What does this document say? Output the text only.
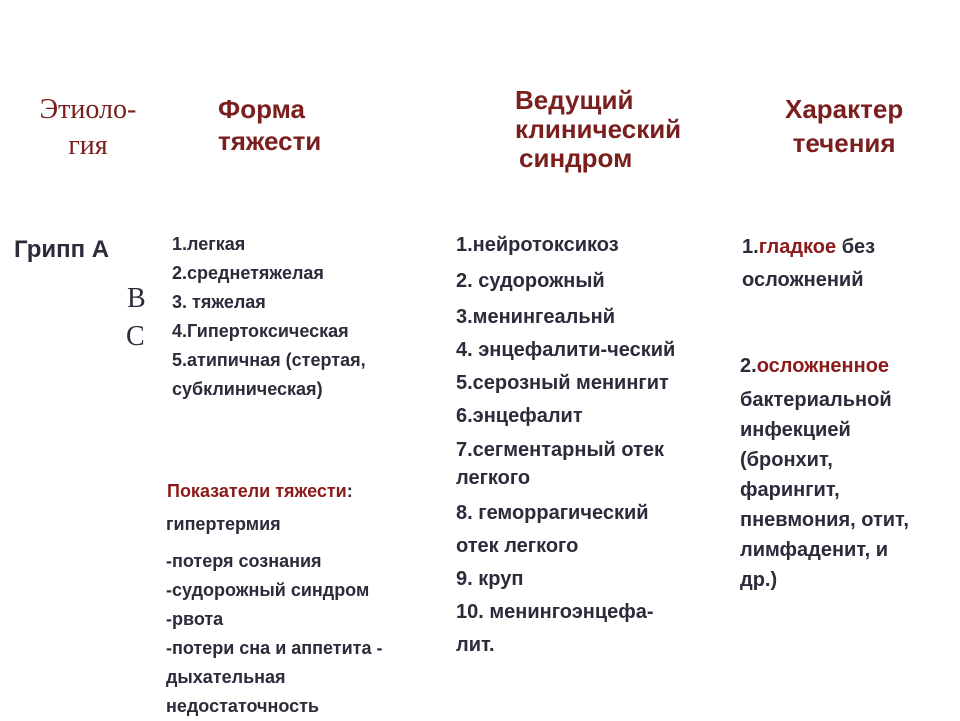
Этиоло-
гия
Форма
тяжести
Ведущий
клинический
синдром
Характер
течения
Грипп А
В
С
1.легкая
2.среднетяжелая
3. тяжелая
4.Гипертоксическая
5.атипичная (стертая,
субклиническая)
Показатели тяжести:
гипертермия
-потеря сознания
-судорожный синдром
-рвота
-потери сна и аппетита -
дыхательная
недостаточность
1.нейротоксикоз
2. судорожный
3.менингеальнй
4. энцефалити-ческий
5.серозный менингит
6.энцефалит
7.сегментарный отек
легкого
8. геморрагический
отек легкого
9. круп
10. менингоэнцефа-
лит.
1.гладкое без
осложнений
2.осложненное
бактериальной
инфекцией
(бронхит,
фарингит,
пневмония, отит,
лимфаденит, и
др.)
